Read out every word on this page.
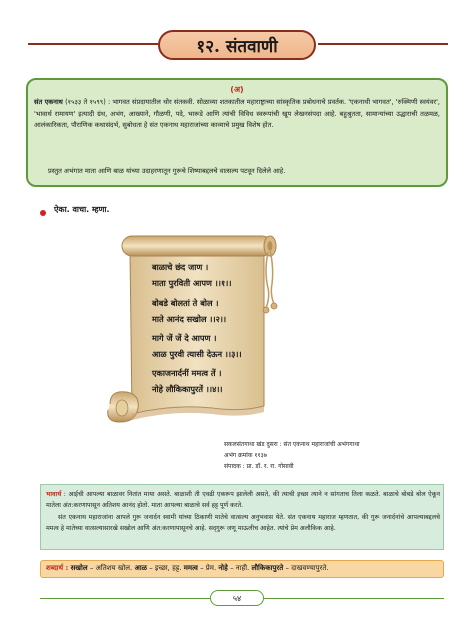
१२. संतवाणी
(अ)
संत एकनाथ (१५३३ ते १५९९) : भागवत संप्रदायातील थोर संतकवी. सोळाव्या शतकातील महाराष्ट्राच्या सांस्कृतिक प्रबोधनाचे प्रवर्तक. 'एकनाथी भागवत', 'रुक्मिणी स्वयंवर', 'भावार्थ रामायण' इत्यादी ग्रंथ, अभंग, आख्याने, गौळणी, पदे, भारूडे आणि त्यांची विविध स्वरूपांची खूप लेखनसंपदा आहे. बहुश्रुतता, सामान्यांच्या उद्धाराची तळमळ, आलंकारिकता, पौराणिक कथासंदर्भ, सुबोधता हे संत एकनाथ महाराजांच्या काव्याचे प्रमुख विशेष होत.
प्रस्तुत अभंगात माता आणि बाळ यांच्या उदाहरणातून गुरूचे शिष्याबद्दलचे वात्सल्य पटवून दिलेले आहे.
ऐका. वाचा. म्हणा.
बाळाचे छंद जाण ।
माता पुरविती आपण ।।१।।
बोबडे बोलतां ते बोल ।
माते आनंद सखोल ।।२।।
मागे जें जें दे आपण ।
आळ पुरवी त्यासी देऊन ।।३।।
एकाजनार्दनीं ममत्व तें ।
नोहे लौकिकापुरतें ।।४।।
सकलसंतगाथा खंड दुसरा : संत एकनाथ महाराजांची अभंगगाथा
अभंग क्रमांक ११३७
संपादक : प्रा. डॉ. र. रा. गोसावी
भावार्थ : आईची आपल्या बाळावर नितांत माया असते. बाळाशी ती एवढी एकरूप झालेली असते, की त्याची इच्छा त्याने न सांगताच तिला कळते. बाळाचे बोबडे बोल ऐकून मातेला अंत:करणापासून अतिशय आनंद होतो. माता आपल्या बाळाचे सर्व हट्ट पूर्ण करते.
संत एकनाथ महाराजांना आपले गुरू जनार्दन स्वामी यांच्या ठिकाणी मातेचे वात्सल्य अनुभवास येते. संत एकनाथ महाराज म्हणतात, की गुरू जनार्दनांचे आपल्याबद्दलचे ममत्व हे मातेच्या वात्सल्यासारखे सखोल आणि अंत:करणापासूनचे आहे. सद्‌गुरू जणू माऊलीच आहेत. त्यांचे प्रेम अलौकिक आहे.
शब्दार्थ : सखोल – अतिशय खोल. आळ – इच्छा, हट्ट. ममत्व – प्रेम. नोहे – नाही. लौकिकापुरते – दाखवण्यापुरते.
५४
